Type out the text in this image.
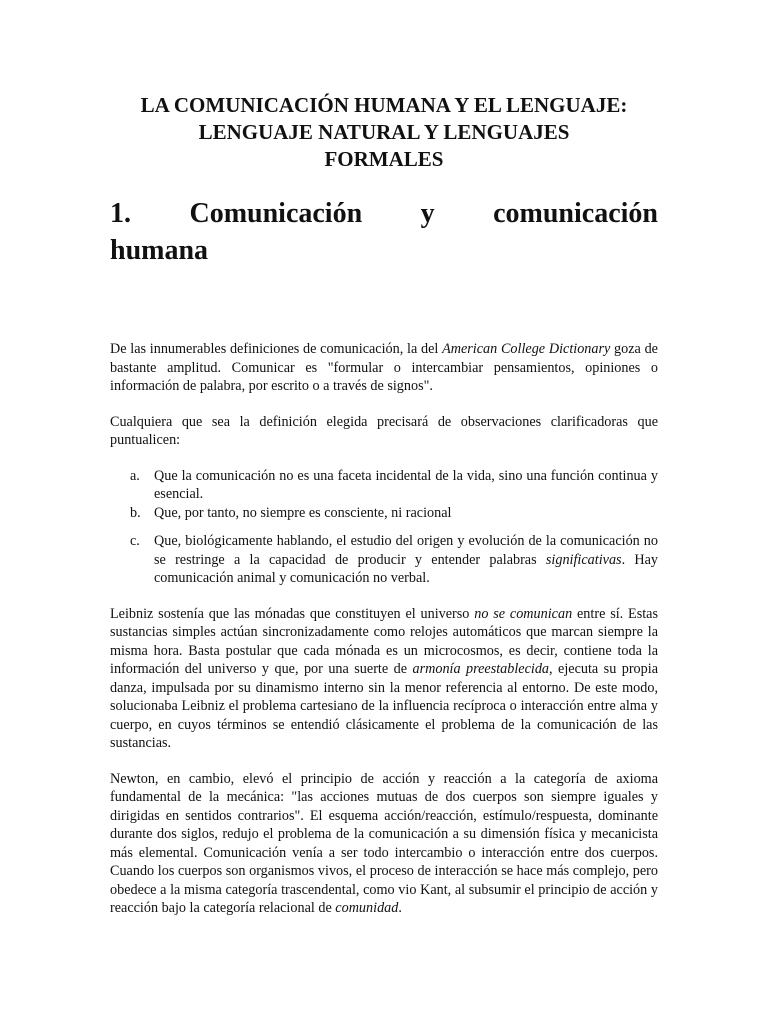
LA COMUNICACIÓN HUMANA Y EL LENGUAJE:
LENGUAJE NATURAL Y LENGUAJES
FORMALES
1. Comunicación y comunicación
humana

De las innumerables definiciones de comunicación, la del American College Dictionary goza de bastante amplitud. Comunicar es "formular o intercambiar pensamientos, opiniones o información de palabra, por escrito o a través de signos".

Cualquiera que sea la definición elegida precisará de observaciones clarificadoras que puntualicen:

a. Que la comunicación no es una faceta incidental de la vida, sino una función continua y esencial.
b. Que, por tanto, no siempre es consciente, ni racional
c. Que, biológicamente hablando, el estudio del origen y evolución de la comunicación no se restringe a la capacidad de producir y entender palabras significativas. Hay comunicación animal y comunicación no verbal.

Leibniz sostenía que las mónadas que constituyen el universo no se comunican entre sí. Estas sustancias simples actúan sincronizadamente como relojes automáticos que marcan siempre la misma hora. Basta postular que cada mónada es un microcosmos, es decir, contiene toda la información del universo y que, por una suerte de armonía preestablecida, ejecuta su propia danza, impulsada por su dinamismo interno sin la menor referencia al entorno. De este modo, solucionaba Leibniz el problema cartesiano de la influencia recíproca o interacción entre alma y cuerpo, en cuyos términos se entendió clásicamente el problema de la comunicación de las sustancias.

Newton, en cambio, elevó el principio de acción y reacción a la categoría de axioma fundamental de la mecánica: "las acciones mutuas de dos cuerpos son siempre iguales y dirigidas en sentidos contrarios". El esquema acción/reacción, estímulo/respuesta, dominante durante dos siglos, redujo el problema de la comunicación a su dimensión física y mecanicista más elemental. Comunicación venía a ser todo intercambio o interacción entre dos cuerpos. Cuando los cuerpos son organismos vivos, el proceso de interacción se hace más complejo, pero obedece a la misma categoría trascendental, como vio Kant, al subsumir el principio de acción y reacción bajo la categoría relacional de comunidad.
